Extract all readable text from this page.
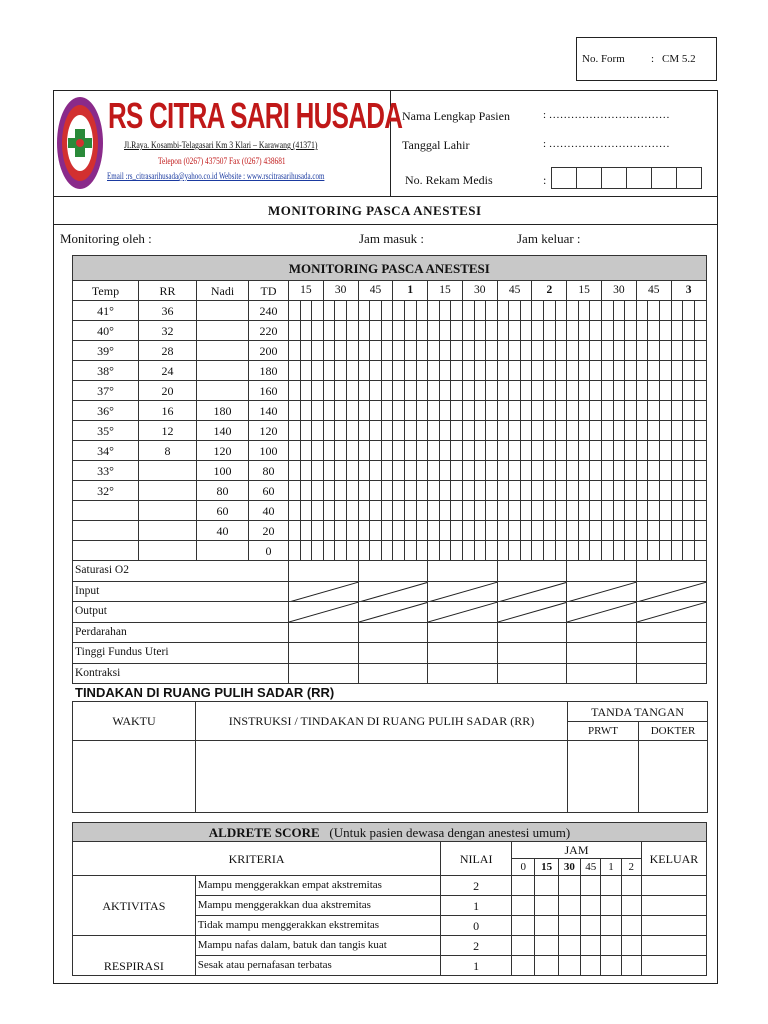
No. Form : CM 5.2
RS CITRA SARI HUSADA
Jl.Raya. Kosambi-Telagasari Km 3 Klari – Karawang (41371)
Telepon (0267) 437507 Fax (0267) 438681
Email :rs_citrasarihusada@yahoo.co.id Website : www.rscitrasarihusada.com
Nama Lengkap Pasien	: ……………………………
Tanggal Lahir	: ……………………………
No. Rekam Medis	:

MONITORING PASCA ANESTESI
Monitoring oleh :	Jam masuk :	Jam keluar :
MONITORING PASCA ANESTESI																																							
Temp	RR	Nadi	TD	15			30			45			1			15			30			45			2			15			30			45			3		
41°	36		240																																				
40°	32		220																																				
39°	28		200																																				
38°	24		180																																				
37°	20		160																																				
36°	16	180	140																																				
35°	12	140	120																																				
34°	8	120	100																																				
33°		100	80																																				
32°		80	60																																				
		60	40																																				
		40	20																																				
			0																																				
Saturasi O2																																							
Input	

Output	

Perdarahan																																							
Tinggi Fundus Uteri																																							
Kontraksi																																							
TINDAKAN DI RUANG PULIH SADAR (RR)
WAKTU	INSTRUKSI / TINDAKAN DI RUANG PULIH SADAR (RR)	TANDA TANGAN	
		PRWT	DOKTER

ALDRETE SCORE (Untuk pasien dewasa dengan anestesi umum)									
KRITERIA		NILAI	JAM						KELUAR
			0	15	30	45	1	2	
AKTIVITAS	Mampu menggerakkan empat akstremitas	2							
	Mampu menggerakkan dua akstremitas	1							
	Tidak mampu menggerakkan ekstremitas	0							
RESPIRASI	Mampu nafas dalam, batuk dan tangis kuat	2							
	Sesak atau pernafasan terbatas	1							
